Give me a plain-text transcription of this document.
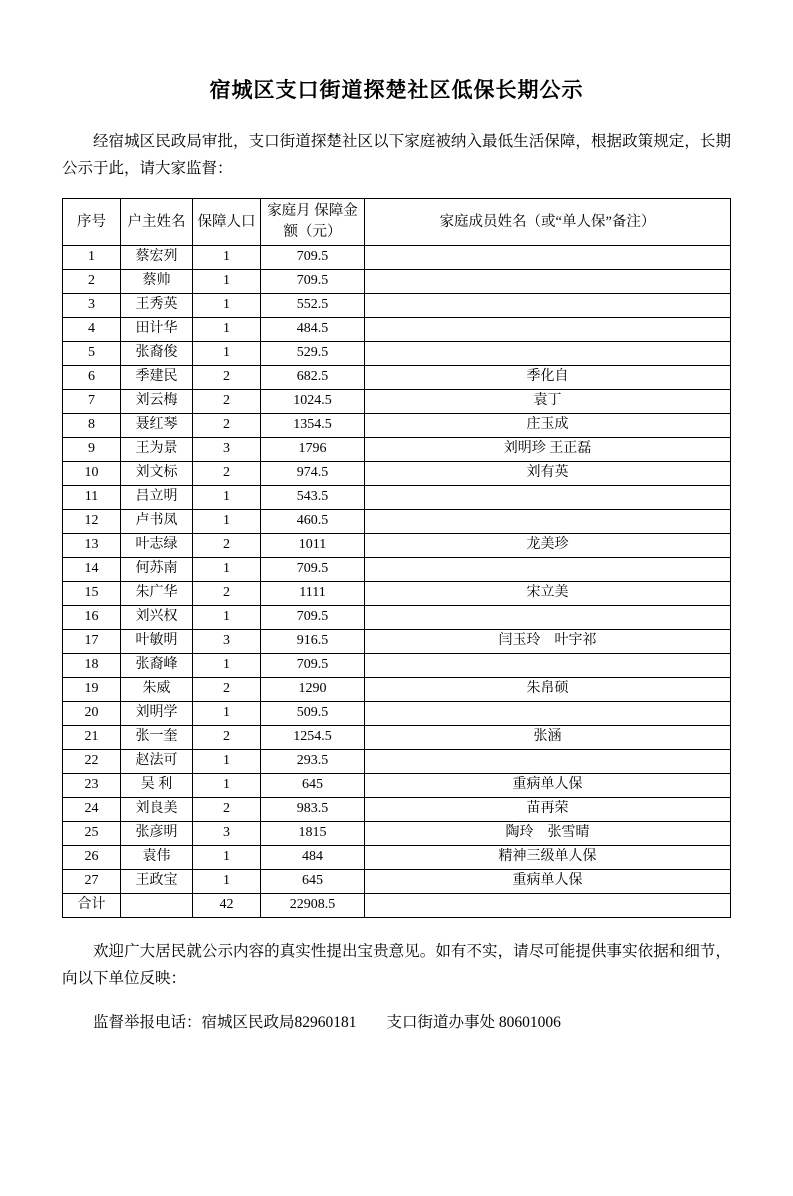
宿城区支口街道探楚社区低保长期公示

经宿城区民政局审批，支口街道探楚社区以下家庭被纳入最低生活保障，根据政策规定，长期公示于此，请大家监督：

序号	户主姓名	保障人口	家庭月 保障金额（元）	家庭成员姓名（或“单人保”备注）
1	蔡宏列	1	709.5	
2	蔡帅	1	709.5	
3	王秀英	1	552.5	
4	田计华	1	484.5	
5	张裔俊	1	529.5	
6	季建民	2	682.5	季化自
7	刘云梅	2	1024.5	袁丁
8	聂红琴	2	1354.5	庄玉成
9	王为景	3	1796	刘明珍 王正磊
10	刘文标	2	974.5	刘有英
11	吕立明	1	543.5	
12	卢书凤	1	460.5	
13	叶志绿	2	1011	龙美珍
14	何苏南	1	709.5	
15	朱广华	2	1111	宋立美
16	刘兴权	1	709.5	
17	叶敏明	3	916.5	闫玉玲　叶宇祁
18	张裔峰	1	709.5	
19	朱威	2	1290	朱帛硕
20	刘明学	1	509.5	
21	张一奎	2	1254.5	张涵
22	赵法可	1	293.5	
23	吴 利	1	645	重病单人保
24	刘良美	2	983.5	苗再荣
25	张彦明	3	1815	陶玲　张雪晴
26	袁伟	1	484	精神三级单人保
27	王政宝	1	645	重病单人保
合计		42	22908.5	

欢迎广大居民就公示内容的真实性提出宝贵意见。如有不实，请尽可能提供事实依据和细节，向以下单位反映：

监督举报电话：宿城区民政局82960181 支口街道办事处 80601006
